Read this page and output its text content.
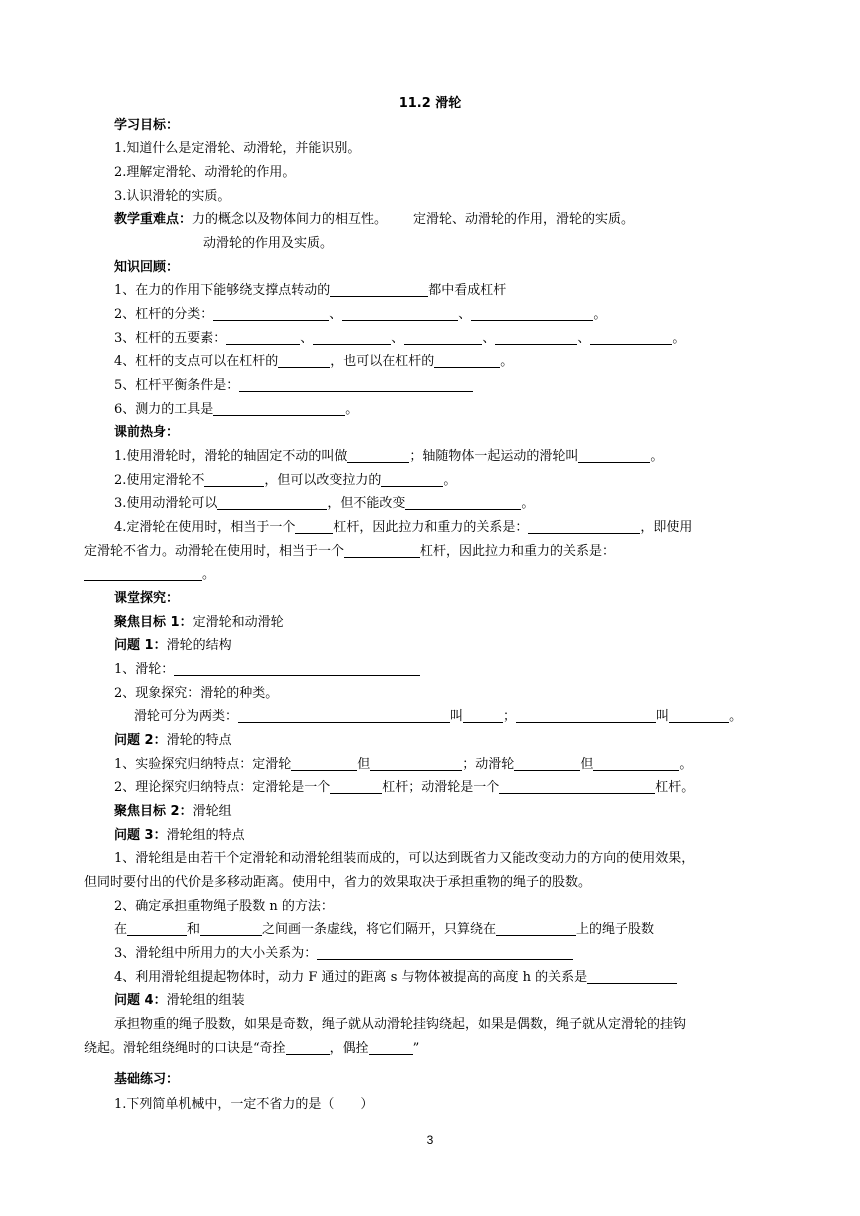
11.2 滑轮
学习目标：
1.知道什么是定滑轮、动滑轮，并能识别。
2.理解定滑轮、动滑轮的作用。
3.认识滑轮的实质。
教学重难点：力的概念以及物体间力的相互性。 定滑轮、动滑轮的作用，滑轮的实质。
动滑轮的作用及实质。
知识回顾：
1、在力的作用下能够绕支撑点转动的	都中看成杠杆
2、杠杆的分类：	、	、	。
3、杠杆的五要素：	、	、	、	、	。
4、杠杆的支点可以在杠杆的	，也可以在杠杆的	。
5、杠杆平衡条件是：
6、测力的工具是	。
课前热身：
1.使用滑轮时，滑轮的轴固定不动的叫做	；轴随物体一起运动的滑轮叫	。
2.使用定滑轮不	，但可以改变拉力的	。
3.使用动滑轮可以	，但不能改变	。
4.定滑轮在使用时，相当于一个	杠杆，因此拉力和重力的关系是：	，即使用
定滑轮不省力。动滑轮在使用时，相当于一个	杠杆，因此拉力和重力的关系是：
。
课堂探究：
聚焦目标 1：定滑轮和动滑轮
问题 1：滑轮的结构
1、滑轮：
2、现象探究：滑轮的种类。
滑轮可分为两类：	叫	；	叫	。
问题 2：滑轮的特点
1、实验探究归纳特点：定滑轮	但	；动滑轮	但	。
2、理论探究归纳特点：定滑轮是一个	杠杆；动滑轮是一个	杠杆。
聚焦目标 2：滑轮组
问题 3：滑轮组的特点
1、滑轮组是由若干个定滑轮和动滑轮组装而成的，可以达到既省力又能改变动力的方向的使用效果，
但同时要付出的代价是多移动距离。使用中，省力的效果取决于承担重物的绳子的股数。
2、确定承担重物绳子股数 n 的方法：
在	和	之间画一条虚线，将它们隔开，只算绕在	上的绳子股数
3、滑轮组中所用力的大小关系为：
4、利用滑轮组提起物体时，动力 F 通过的距离 s 与物体被提高的高度 h 的关系是
问题 4：滑轮组的组装
承担物重的绳子股数，如果是奇数，绳子就从动滑轮挂钩绕起，如果是偶数，绳子就从定滑轮的挂钩
绕起。滑轮组绕绳时的口诀是“奇拴	，偶拴	”
基础练习：
1.下列简单机械中，一定不省力的是（　　）
3
